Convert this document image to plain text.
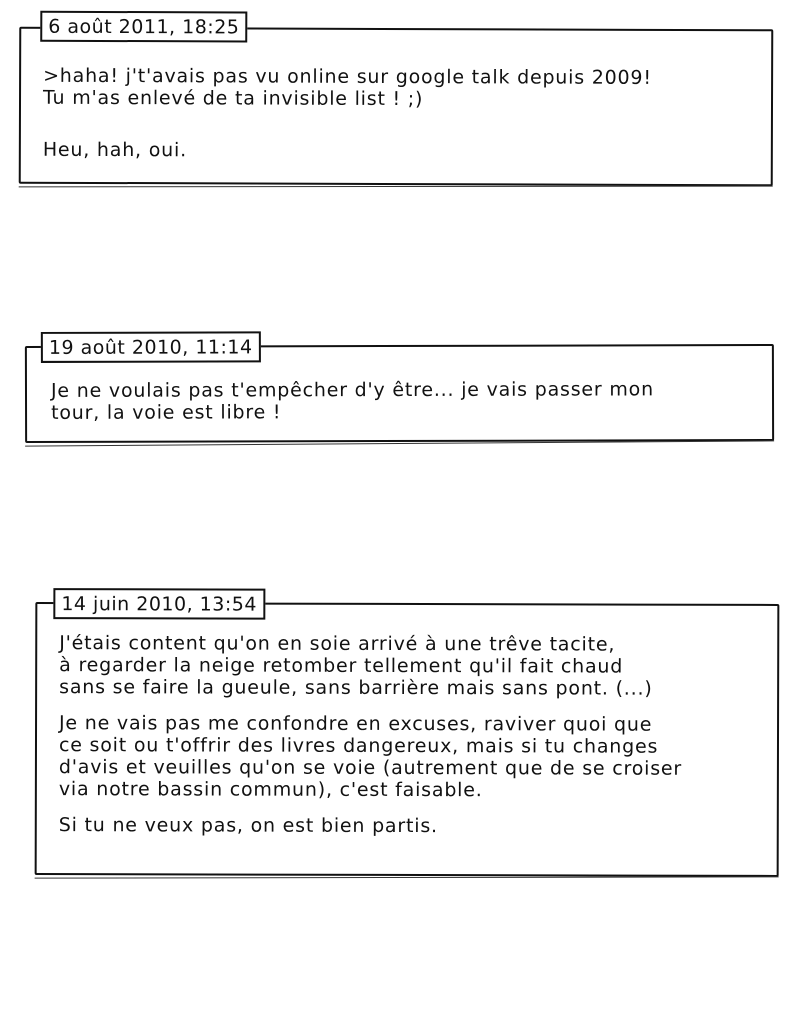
6 août 2011, 18:25

>haha! j't'avais pas vu online sur google talk depuis 2009!
Tu m'as enlevé de ta invisible list ! ;)

Heu, hah, oui.

19 août 2010, 11:14

Je ne voulais pas t'empêcher d'y être... je vais passer mon
tour, la voie est libre !

14 juin 2010, 13:54

J'étais content qu'on en soie arrivé à une trêve tacite,
à regarder la neige retomber tellement qu'il fait chaud
sans se faire la gueule, sans barrière mais sans pont. (...)

Je ne vais pas me confondre en excuses, raviver quoi que
ce soit ou t'offrir des livres dangereux, mais si tu changes
d'avis et veuilles qu'on se voie (autrement que de se croiser
via notre bassin commun), c'est faisable.

Si tu ne veux pas, on est bien partis.
